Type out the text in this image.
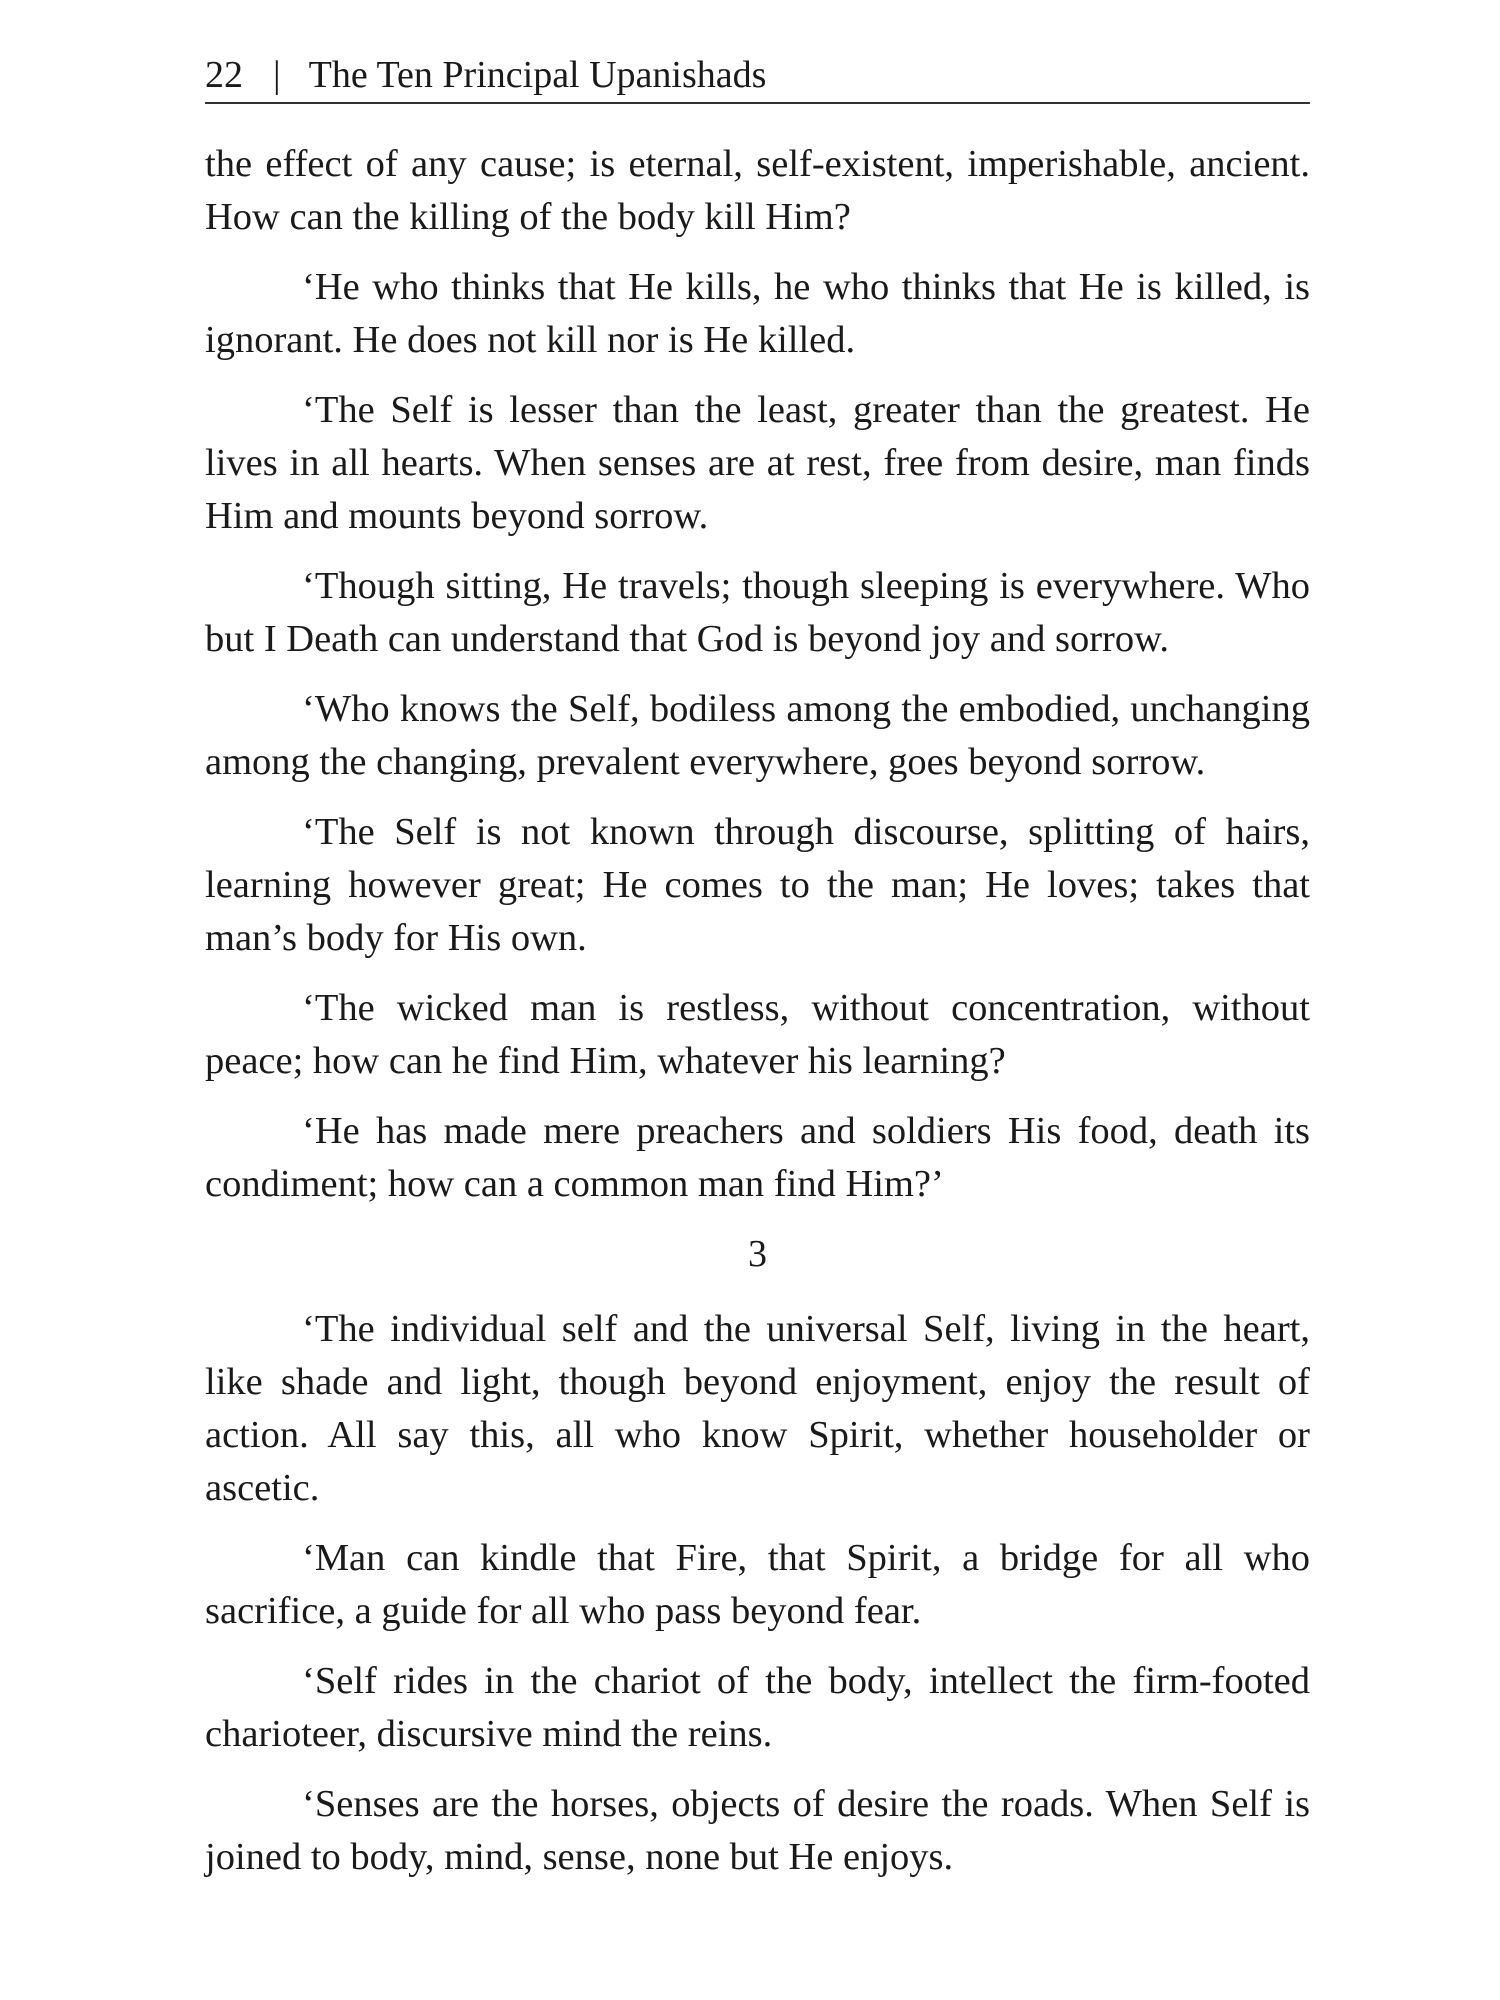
22 | The Ten Principal Upanishads

the effect of any cause; is eternal, self-existent, imperishable, ancient. How can the killing of the body kill Him?

‘He who thinks that He kills, he who thinks that He is killed, is ignorant. He does not kill nor is He killed.

‘The Self is lesser than the least, greater than the greatest. He lives in all hearts. When senses are at rest, free from desire, man finds Him and mounts beyond sorrow.

‘Though sitting, He travels; though sleeping is everywhere. Who but I Death can understand that God is beyond joy and sorrow.

‘Who knows the Self, bodiless among the embodied, unchanging among the changing, prevalent everywhere, goes beyond sorrow.

‘The Self is not known through discourse, splitting of hairs, learning however great; He comes to the man; He loves; takes that man’s body for His own.

‘The wicked man is restless, without concentration, without peace; how can he find Him, whatever his learning?

‘He has made mere preachers and soldiers His food, death its condiment; how can a common man find Him?’

3

‘The individual self and the universal Self, living in the heart, like shade and light, though beyond enjoyment, enjoy the result of action. All say this, all who know Spirit, whether householder or ascetic.

‘Man can kindle that Fire, that Spirit, a bridge for all who sacrifice, a guide for all who pass beyond fear.

‘Self rides in the chariot of the body, intellect the firm-footed charioteer, discursive mind the reins.

‘Senses are the horses, objects of desire the roads. When Self is joined to body, mind, sense, none but He enjoys.
